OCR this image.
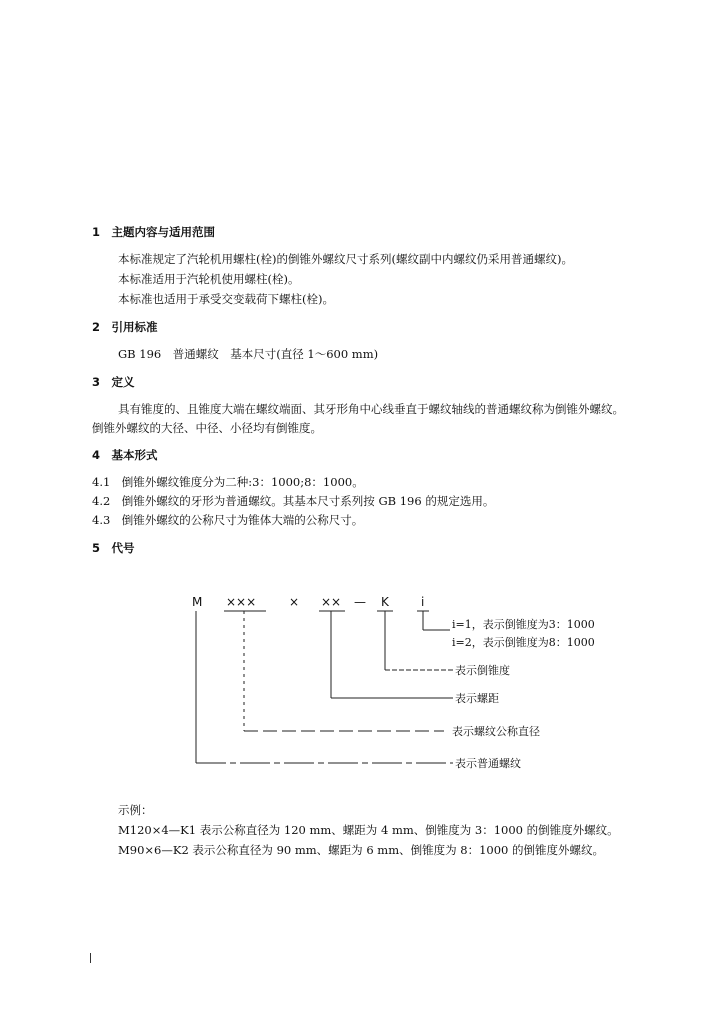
1　主题内容与适用范围
本标准规定了汽轮机用螺柱(栓)的倒锥外螺纹尺寸系列(螺纹副中内螺纹仍采用普通螺纹)。
本标准适用于汽轮机使用螺柱(栓)。
本标准也适用于承受交变载荷下螺柱(栓)。
2　引用标准
GB 196　普通螺纹　基本尺寸(直径 1～600 mm)
3　定义
具有锥度的、且锥度大端在螺纹端面、其牙形角中心线垂直于螺纹轴线的普通螺纹称为倒锥外螺纹。
倒锥外螺纹的大径、中径、小径均有倒锥度。
4　基本形式
4.1　倒锥外螺纹锥度分为二种:3：1000;8：1000。
4.2　倒锥外螺纹的牙形为普通螺纹。其基本尺寸系列按 GB 196 的规定选用。
4.3　倒锥外螺纹的公称尺寸为锥体大端的公称尺寸。
5　代号
M ×××	× ×× — K	i
i=1，表示倒锥度为3：1000
i=2，表示倒锥度为8：1000
表示倒锥度
表示螺距
表示螺纹公称直径
表示普通螺纹
示例：
M120×4—K1 表示公称直径为 120 mm、螺距为 4 mm、倒锥度为 3：1000 的倒锥度外螺纹。
M90×6—K2 表示公称直径为 90 mm、螺距为 6 mm、倒锥度为 8：1000 的倒锥度外螺纹。
